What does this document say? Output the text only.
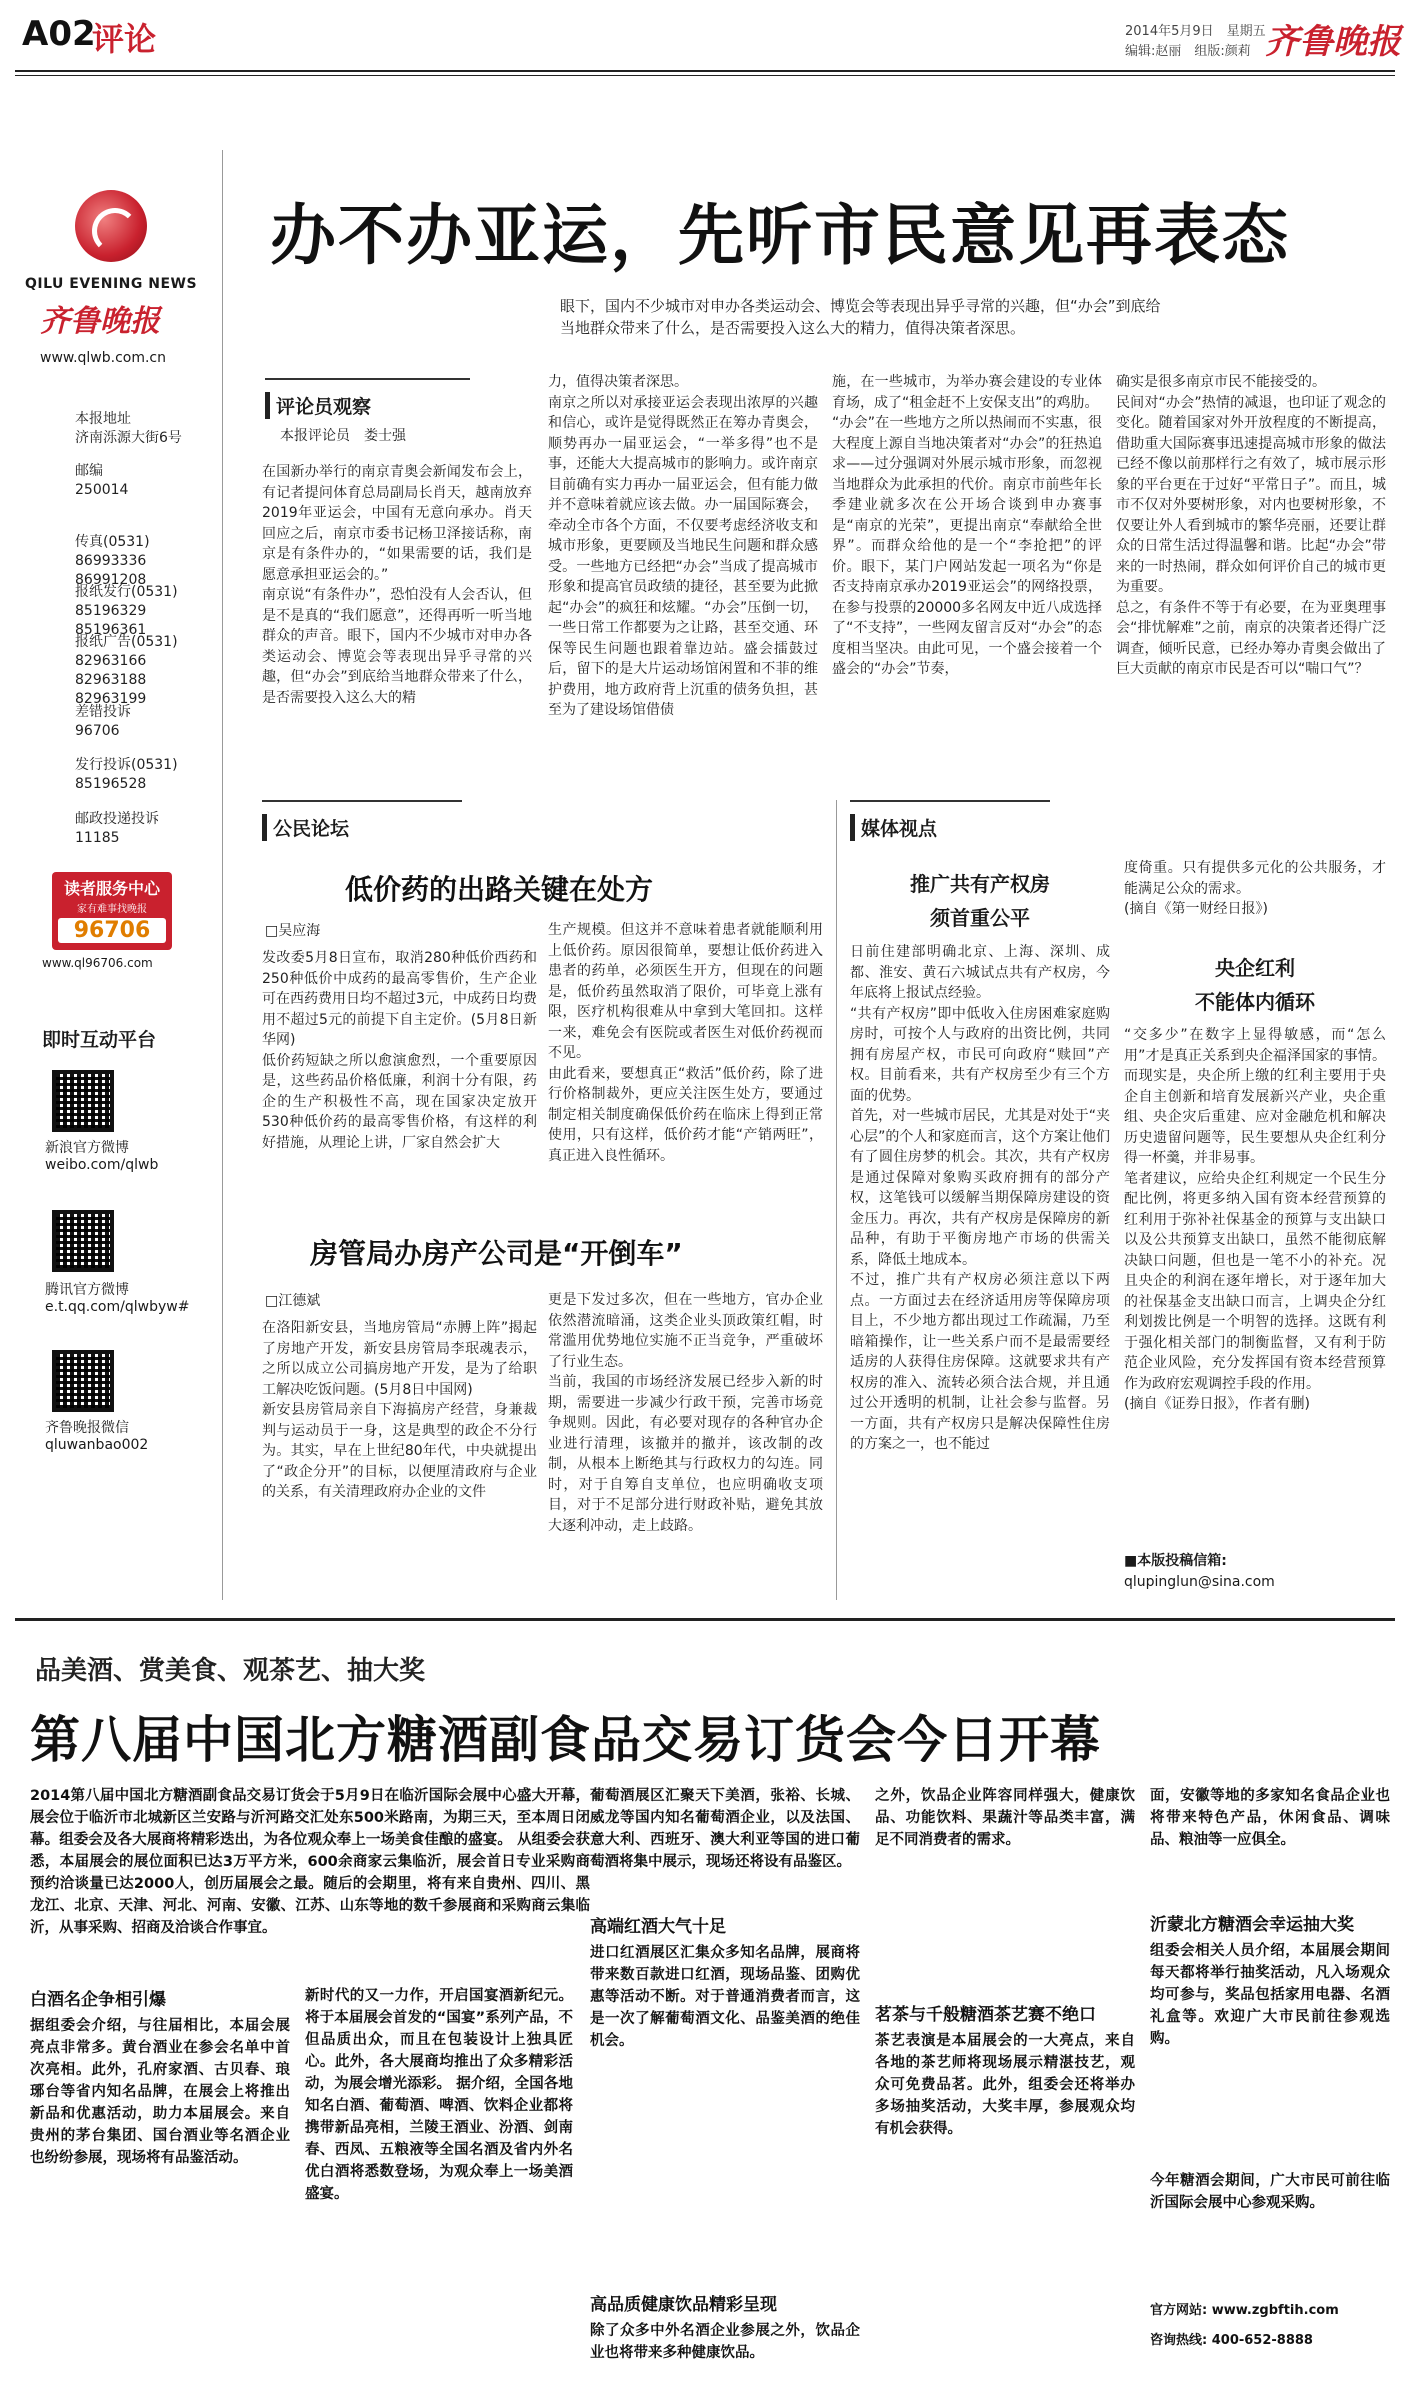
A02
评论	2014年5月9日　星期五
编辑:赵丽　组版:颜莉 齐鲁晚报
QILU EVENING NEWS
齐鲁晚报
www.qlwb.com.cn
本报地址
济南泺源大街6号
邮编
250014
传真(0531)
86993336 86991208
报纸发行(0531)
85196329 85196361
报纸广告(0531)
82963166 82963188 82963199
差错投诉
96706
发行投诉(0531)
85196528
邮政投递投诉
11185
读者服务中心
家有难事找晚报
96706
www.ql96706.com
即时互动平台
新浪官方微博
weibo.com/qlwb
腾讯官方微博
e.t.qq.com/qlwbyw#
齐鲁晚报微信
qluwanbao002
办不办亚运，先听市民意见再表态
眼下，国内不少城市对申办各类运动会、博览会等表现出异乎寻常的兴趣，但“办会”到底给当地群众带来了什么，是否需要投入这么大的精力，值得决策者深思。
评论员观察
本报评论员　娄士强
在国新办举行的南京青奥会新闻发布会上，有记者提问体育总局副局长肖天，越南放弃2019年亚运会，中国有无意向承办。肖天回应之后，南京市委书记杨卫泽接话称，南京是有条件办的，“如果需要的话，我们是愿意承担亚运会的。”
南京说“有条件办”，恐怕没有人会否认，但是不是真的“我们愿意”，还得再听一听当地群众的声音。眼下，国内不少城市对申办各类运动会、博览会等表现出异乎寻常的兴趣，但“办会”到底给当地群众带来了什么，是否需要投入这么大的精
力，值得决策者深思。
南京之所以对承接亚运会表现出浓厚的兴趣和信心，或许是觉得既然正在筹办青奥会，顺势再办一届亚运会，“一举多得”也不是事，还能大大提高城市的影响力。或许南京目前确有实力再办一届亚运会，但有能力做并不意味着就应该去做。办一届国际赛会，牵动全市各个方面，不仅要考虑经济收支和城市形象，更要顾及当地民生问题和群众感受。一些地方已经把“办会”当成了提高城市形象和提高官员政绩的捷径，甚至要为此掀起“办会”的疯狂和炫耀。“办会”压倒一切，一些日常工作都要为之让路，甚至交通、环保等民生问题也跟着靠边站。盛会擂鼓过后，留下的是大片运动场馆闲置和不菲的维护费用，地方政府背上沉重的债务负担，甚至为了建设场馆借债
施，在一些城市，为举办赛会建设的专业体育场，成了“租金赶不上安保支出”的鸡肋。
“办会”在一些地方之所以热闹而不实惠，很大程度上源自当地决策者对“办会”的狂热追求——过分强调对外展示城市形象，而忽视当地群众为此承担的代价。南京市前些年长季建业就多次在公开场合谈到申办赛事是“南京的光荣”，更提出南京“奉献给全世界”。而群众给他的是一个“李抢把”的评价。眼下，某门户网站发起一项名为“你是否支持南京承办2019亚运会”的网络投票，在参与投票的20000多名网友中近八成选择了“不支持”，一些网友留言反对“办会”的态度相当坚决。由此可见，一个盛会接着一个盛会的“办会”节奏，
确实是很多南京市民不能接受的。
民间对“办会”热情的减退，也印证了观念的变化。随着国家对外开放程度的不断提高，借助重大国际赛事迅速提高城市形象的做法已经不像以前那样行之有效了，城市展示形象的平台更在于过好“平常日子”。而且，城市不仅对外要树形象，对内也要树形象，不仅要让外人看到城市的繁华亮丽，还要让群众的日常生活过得温馨和谐。比起“办会”带来的一时热闹，群众如何评价自己的城市更为重要。
总之，有条件不等于有必要，在为亚奥理事会“排忧解难”之前，南京的决策者还得广泛调查，倾听民意，已经办筹办青奥会做出了巨大贡献的南京市民是否可以“喘口气”？
公民论坛
低价药的出路关键在处方
□吴应海
发改委5月8日宣布，取消280种低价西药和250种低价中成药的最高零售价，生产企业可在西药费用日均不超过3元，中成药日均费用不超过5元的前提下自主定价。(5月8日新华网)
低价药短缺之所以愈演愈烈，一个重要原因是，这些药品价格低廉，利润十分有限，药企的生产积极性不高，现在国家决定放开530种低价药的最高零售价格，有这样的利好措施，从理论上讲，厂家自然会扩大
生产规模。但这并不意味着患者就能顺利用上低价药。原因很简单，要想让低价药进入患者的药单，必须医生开方，但现在的问题是，低价药虽然取消了限价，可毕竟上涨有限，医疗机构很难从中拿到大笔回扣。这样一来，难免会有医院或者医生对低价药视而不见。
由此看来，要想真正“救活”低价药，除了进行价格制裁外，更应关注医生处方，要通过制定相关制度确保低价药在临床上得到正常使用，只有这样，低价药才能“产销两旺”，真正进入良性循环。
房管局办房产公司是“开倒车”
□江德斌
在洛阳新安县，当地房管局“赤膊上阵”揭起了房地产开发，新安县房管局李珉魂表示，之所以成立公司搞房地产开发，是为了给职工解决吃饭问题。(5月8日中国网)
新安县房管局亲自下海搞房产经营，身兼裁判与运动员于一身，这是典型的政企不分行为。其实，早在上世纪80年代，中央就提出了“政企分开”的目标，以便厘清政府与企业的关系，有关清理政府办企业的文件
更是下发过多次，但在一些地方，官办企业依然潜流暗涌，这类企业头顶政策红帽，时常滥用优势地位实施不正当竞争，严重破坏了行业生态。
当前，我国的市场经济发展已经步入新的时期，需要进一步减少行政干预，完善市场竞争规则。因此，有必要对现存的各种官办企业进行清理，该撤并的撤并，该改制的改制，从根本上断绝其与行政权力的勾连。同时，对于自筹自支单位，也应明确收支项目，对于不足部分进行财政补贴，避免其放大逐利冲动，走上歧路。
媒体视点
推广共有产权房
须首重公平
日前住建部明确北京、上海、深圳、成都、淮安、黄石六城试点共有产权房，今年底将上报试点经验。
“共有产权房”即中低收入住房困难家庭购房时，可按个人与政府的出资比例，共同拥有房屋产权，市民可向政府“赎回”产权。目前看来，共有产权房至少有三个方面的优势。
首先，对一些城市居民，尤其是对处于“夹心层”的个人和家庭而言，这个方案让他们有了圆住房梦的机会。其次，共有产权房是通过保障对象购买政府拥有的部分产权，这笔钱可以缓解当期保障房建设的资金压力。再次，共有产权房是保障房的新品种，有助于平衡房地产市场的供需关系，降低土地成本。
不过，推广共有产权房必须注意以下两点。一方面过去在经济适用房等保障房项目上，不少地方都出现过工作疏漏，乃至暗箱操作，让一些关系户而不是最需要经适房的人获得住房保障。这就要求共有产权房的准入、流转必须合法合规，并且通过公开透明的机制，让社会参与监督。另一方面，共有产权房只是解决保障性住房的方案之一，也不能过
度倚重。只有提供多元化的公共服务，才能满足公众的需求。
(摘自《第一财经日报》)
央企红利
不能体内循环
“交多少”在数字上显得敏感，而“怎么用”才是真正关系到央企福泽国家的事情。而现实是，央企所上缴的红利主要用于央企自主创新和培育发展新兴产业，央企重组、央企灾后重建、应对金融危机和解决历史遗留问题等，民生要想从央企红利分得一杯羹，并非易事。
笔者建议，应给央企红利规定一个民生分配比例，将更多纳入国有资本经营预算的红利用于弥补社保基金的预算与支出缺口以及公共预算支出缺口，虽然不能彻底解决缺口问题，但也是一笔不小的补充。况且央企的利润在逐年增长，对于逐年加大的社保基金支出缺口而言，上调央企分红利划拨比例是一个明智的选择。这既有利于强化相关部门的制衡监督，又有利于防范企业风险，充分发挥国有资本经营预算作为政府宏观调控手段的作用。
(摘自《证券日报》，作者有删)
■本版投稿信箱:
qlupinglun@sina.com
品美酒、赏美食、观茶艺、抽大奖
第八届中国北方糖酒副食品交易订货会今日开幕
2014第八届中国北方糖酒副食品交易订货会于5月9日在临沂国际会展中心盛大开幕，展会位于临沂市北城新区兰安路与沂河路交汇处东500米路南，为期三天，至本周日闭幕。组委会及各大展商将精彩迭出，为各位观众奉上一场美食佳酿的盛宴。 从组委会获悉，本届展会的展位面积已达3万平方米，600余商家云集临沂，展会首日专业采购商预约洽谈量已达2000人，创历届展会之最。随后的会期里，将有来自贵州、四川、黑龙江、北京、天津、河北、河南、安徽、江苏、山东等地的数千参展商和采购商云集临沂，从事采购、招商及洽谈合作事宜。
白酒名企争相引爆
据组委会介绍，与往届相比，本届会展亮点非常多。黄台酒业在参会名单中首次亮相。此外，孔府家酒、古贝春、琅琊台等省内知名品牌，在展会上将推出新品和优惠活动，助力本届展会。来自贵州的茅台集团、国台酒业等名酒企业也纷纷参展，现场将有品鉴活动。
新时代的又一力作，开启国宴酒新纪元。将于本届展会首发的“国宴”系列产品，不但品质出众，而且在包装设计上独具匠心。此外，各大展商均推出了众多精彩活动，为展会增光添彩。 据介绍，全国各地知名白酒、葡萄酒、啤酒、饮料企业都将携带新品亮相，兰陵王酒业、汾酒、剑南春、西凤、五粮液等全国名酒及省内外名优白酒将悉数登场，为观众奉上一场美酒盛宴。
葡萄酒展区汇聚天下美酒，张裕、长城、威龙等国内知名葡萄酒企业，以及法国、意大利、西班牙、澳大利亚等国的进口葡萄酒将集中展示，现场还将设有品鉴区。
高端红酒大气十足
进口红酒展区汇集众多知名品牌，展商将带来数百款进口红酒，现场品鉴、团购优惠等活动不断。对于普通消费者而言，这是一次了解葡萄酒文化、品鉴美酒的绝佳机会。
高品质健康饮品精彩呈现
除了众多中外名酒企业参展之外，饮品企业也将带来多种健康饮品。
之外，饮品企业阵容同样强大，健康饮品、功能饮料、果蔬汁等品类丰富，满足不同消费者的需求。
茗茶与千般糖酒茶艺赛不绝口
茶艺表演是本届展会的一大亮点，来自各地的茶艺师将现场展示精湛技艺，观众可免费品茗。此外，组委会还将举办多场抽奖活动，大奖丰厚，参展观众均有机会获得。
面，安徽等地的多家知名食品企业也将带来特色产品，休闲食品、调味品、粮油等一应俱全。
沂蒙北方糖酒会幸运抽大奖
组委会相关人员介绍，本届展会期间每天都将举行抽奖活动，凡入场观众均可参与，奖品包括家用电器、名酒礼盒等。欢迎广大市民前往参观选购。
今年糖酒会期间，广大市民可前往临沂国际会展中心参观采购。
官方网站: www.zgbftih.com
咨询热线: 400-652-8888
